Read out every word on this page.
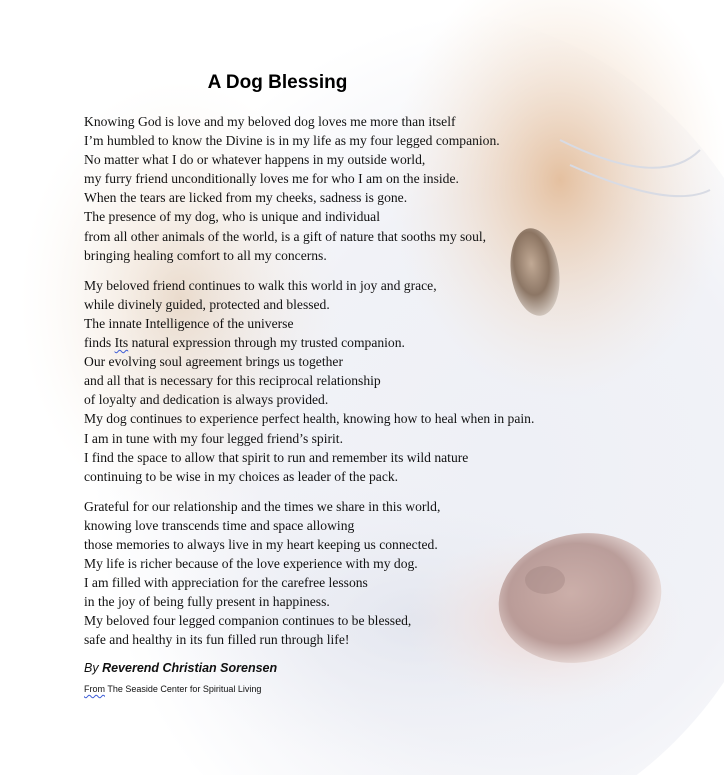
A Dog Blessing

Knowing God is love and my beloved dog loves me more than itself
I’m humbled to know the Divine is in my life as my four legged companion.
No matter what I do or whatever happens in my outside world,
my furry friend unconditionally loves me for who I am on the inside.
When the tears are licked from my cheeks, sadness is gone.
The presence of my dog, who is unique and individual
from all other animals of the world, is a gift of nature that sooths my soul,
bringing healing comfort to all my concerns.

My beloved friend continues to walk this world in joy and grace,
while divinely guided, protected and blessed.
The innate Intelligence of the universe
finds Its natural expression through my trusted companion.
Our evolving soul agreement brings us together
and all that is necessary for this reciprocal relationship
of loyalty and dedication is always provided.
My dog continues to experience perfect health, knowing how to heal when in pain.
I am in tune with my four legged friend’s spirit.
I find the space to allow that spirit to run and remember its wild nature
continuing to be wise in my choices as leader of the pack.

Grateful for our relationship and the times we share in this world,
knowing love transcends time and space allowing
those memories to always live in my heart keeping us connected.
My life is richer because of the love experience with my dog.
I am filled with appreciation for the carefree lessons
in the joy of being fully present in happiness.
My beloved four legged companion continues to be blessed,
safe and healthy in its fun filled run through life!

By Reverend Christian Sorensen
From The Seaside Center for Spiritual Living
